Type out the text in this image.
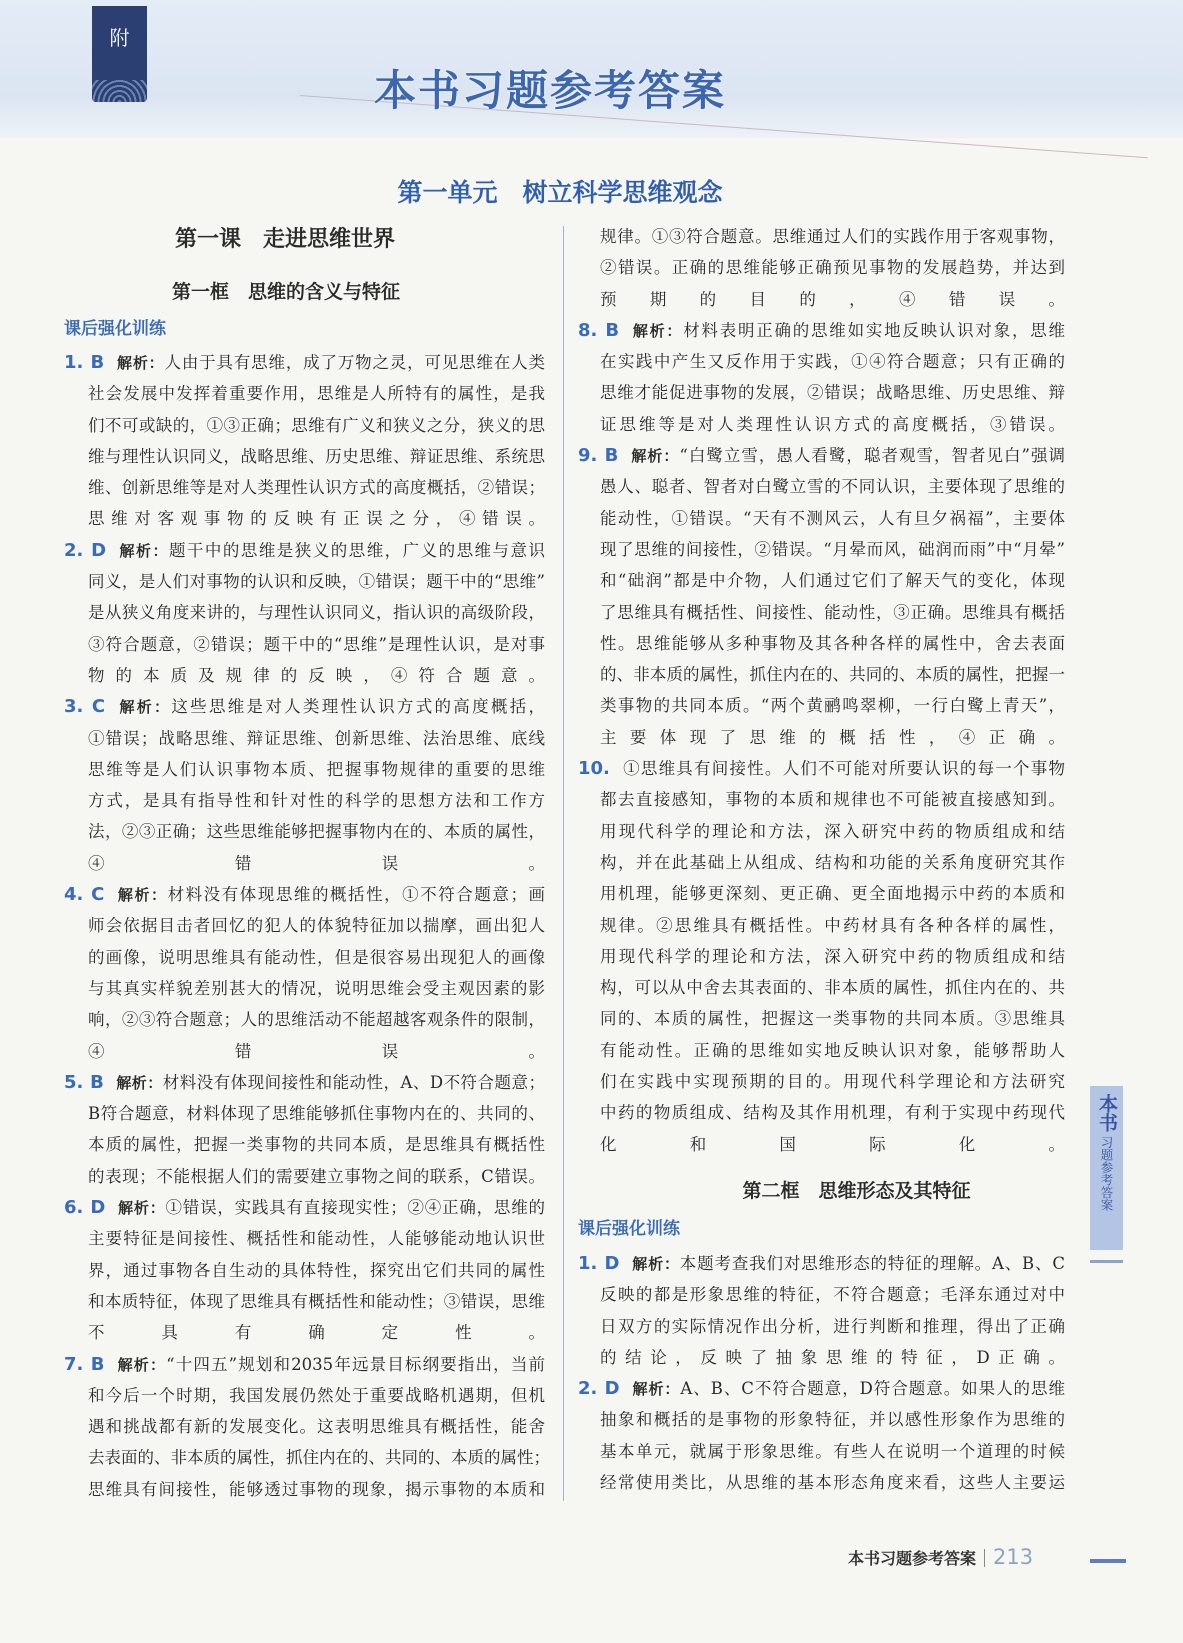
附
本书习题参考答案
第一单元　树立科学思维观念
第一课　走进思维世界
第一框　思维的含义与特征
课后强化训练
1. B 解析：人由于具有思维，成了万物之灵，可见思维在人类
社会发展中发挥着重要作用，思维是人所特有的属性，是我
们不可或缺的，①③正确；思维有广义和狭义之分，狭义的思
维与理性认识同义，战略思维、历史思维、辩证思维、系统思
维、创新思维等是对人类理性认识方式的高度概括，②错误；
思维对客观事物的反映有正误之分，④错误。
2. D 解析：题干中的思维是狭义的思维，广义的思维与意识
同义，是人们对事物的认识和反映，①错误；题干中的“思维”
是从狭义角度来讲的，与理性认识同义，指认识的高级阶段，
③符合题意，②错误；题干中的“思维”是理性认识，是对事
物的本质及规律的反映，④符合题意。
3. C 解析：这些思维是对人类理性认识方式的高度概括，
①错误；战略思维、辩证思维、创新思维、法治思维、底线
思维等是人们认识事物本质、把握事物规律的重要的思维
方式，是具有指导性和针对性的科学的思想方法和工作方
法，②③正确；这些思维能够把握事物内在的、本质的属性，
④错误。
4. C 解析：材料没有体现思维的概括性，①不符合题意；画
师会依据目击者回忆的犯人的体貌特征加以揣摩，画出犯人
的画像，说明思维具有能动性，但是很容易出现犯人的画像
与其真实样貌差别甚大的情况，说明思维会受主观因素的影
响，②③符合题意；人的思维活动不能超越客观条件的限制，
④错误。
5. B 解析：材料没有体现间接性和能动性，A、D不符合题意；
B符合题意，材料体现了思维能够抓住事物内在的、共同的、
本质的属性，把握一类事物的共同本质，是思维具有概括性
的表现；不能根据人们的需要建立事物之间的联系，C错误。
6. D 解析：①错误，实践具有直接现实性；②④正确，思维的
主要特征是间接性、概括性和能动性，人能够能动地认识世
界，通过事物各自生动的具体特性，探究出它们共同的属性
和本质特征，体现了思维具有概括性和能动性；③错误，思维
不具有确定性。
7. B 解析：“十四五”规划和2035年远景目标纲要指出，当前
和今后一个时期，我国发展仍然处于重要战略机遇期，但机
遇和挑战都有新的发展变化。这表明思维具有概括性，能舍
去表面的、非本质的属性，抓住内在的、共同的、本质的属性；
思维具有间接性，能够透过事物的现象，揭示事物的本质和
规律。①③符合题意。思维通过人们的实践作用于客观事物，
②错误。正确的思维能够正确预见事物的发展趋势，并达到
预期的目的，④错误。
8. B 解析：材料表明正确的思维如实地反映认识对象，思维
在实践中产生又反作用于实践，①④符合题意；只有正确的
思维才能促进事物的发展，②错误；战略思维、历史思维、辩
证思维等是对人类理性认识方式的高度概括，③错误。
9. B 解析：“白鹭立雪，愚人看鹭，聪者观雪，智者见白”强调
愚人、聪者、智者对白鹭立雪的不同认识，主要体现了思维的
能动性，①错误。“天有不测风云，人有旦夕祸福”，主要体
现了思维的间接性，②错误。“月晕而风，础润而雨”中“月晕”
和“础润”都是中介物，人们通过它们了解天气的变化，体现
了思维具有概括性、间接性、能动性，③正确。思维具有概括
性。思维能够从多种事物及其各种各样的属性中，舍去表面
的、非本质的属性，抓住内在的、共同的、本质的属性，把握一
类事物的共同本质。“两个黄鹂鸣翠柳，一行白鹭上青天”，
主要体现了思维的概括性，④正确。
10. ①思维具有间接性。人们不可能对所要认识的每一个事物
都去直接感知，事物的本质和规律也不可能被直接感知到。
用现代科学的理论和方法，深入研究中药的物质组成和结
构，并在此基础上从组成、结构和功能的关系角度研究其作
用机理，能够更深刻、更正确、更全面地揭示中药的本质和
规律。②思维具有概括性。中药材具有各种各样的属性，
用现代科学的理论和方法，深入研究中药的物质组成和结
构，可以从中舍去其表面的、非本质的属性，抓住内在的、共
同的、本质的属性，把握这一类事物的共同本质。③思维具
有能动性。正确的思维如实地反映认识对象，能够帮助人
们在实践中实现预期的目的。用现代科学理论和方法研究
中药的物质组成、结构及其作用机理，有利于实现中药现代
化和国际化。
第二框　思维形态及其特征
课后强化训练
1. D 解析：本题考查我们对思维形态的特征的理解。A、B、C
反映的都是形象思维的特征，不符合题意；毛泽东通过对中
日双方的实际情况作出分析，进行判断和推理，得出了正确
的结论，反映了抽象思维的特征，D正确。
2. D 解析：A、B、C不符合题意，D符合题意。如果人的思维
抽象和概括的是事物的形象特征，并以感性形象作为思维的
基本单元，就属于形象思维。有些人在说明一个道理的时候
经常使用类比，从思维的基本形态角度来看，这些人主要运
本书
习题参考答案
本书习题参考答案 213
